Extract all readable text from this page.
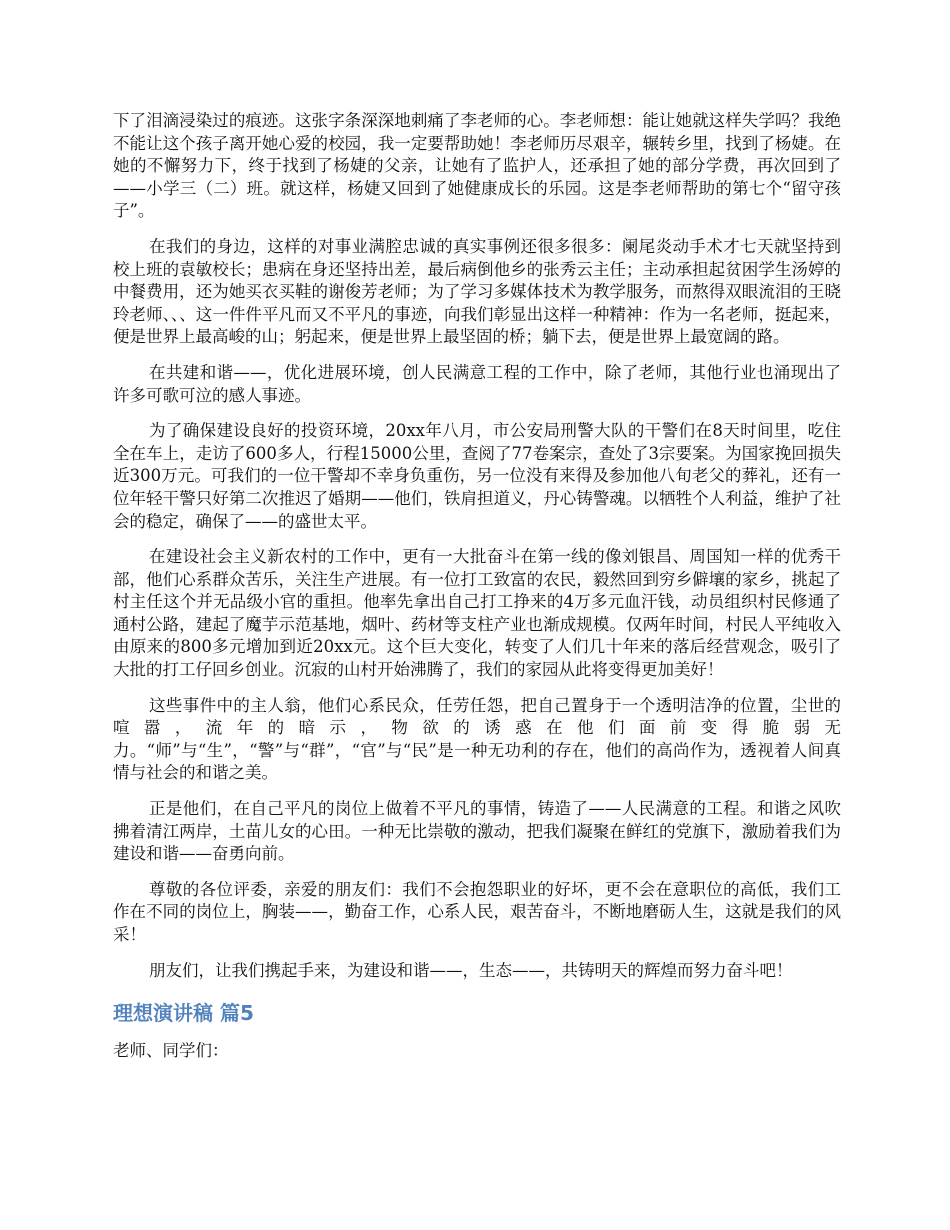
下了泪滴浸染过的痕迹。这张字条深深地刺痛了李老师的心。李老师想：能让她就这样失学吗？我绝不能让这个孩子离开她心爱的校园，我一定要帮助她！李老师历尽艰辛，辗转乡里，找到了杨婕。在她的不懈努力下，终于找到了杨婕的父亲，让她有了监护人，还承担了她的部分学费，再次回到了——小学三（二）班。就这样，杨婕又回到了她健康成长的乐园。这是李老师帮助的第七个“留守孩子”。

在我们的身边，这样的对事业满腔忠诚的真实事例还很多很多：阑尾炎动手术才七天就坚持到校上班的袁敏校长；患病在身还坚持出差，最后病倒他乡的张秀云主任；主动承担起贫困学生汤婷的中餐费用，还为她买衣买鞋的谢俊芳老师；为了学习多媒体技术为教学服务，而熬得双眼流泪的王晓玲老师、、、这一件件平凡而又不平凡的事迹，向我们彰显出这样一种精神：作为一名老师，挺起来，便是世界上最高峻的山；躬起来，便是世界上最坚固的桥；躺下去，便是世界上最宽阔的路。

在共建和谐——，优化进展环境，创人民满意工程的工作中，除了老师，其他行业也涌现出了许多可歌可泣的感人事迹。

为了确保建设良好的投资环境，20xx年八月，市公安局刑警大队的干警们在8天时间里，吃住全在车上，走访了600多人，行程15000公里，查阅了77卷案宗，查处了3宗要案。为国家挽回损失近300万元。可我们的一位干警却不幸身负重伤，另一位没有来得及参加他八旬老父的葬礼，还有一位年轻干警只好第二次推迟了婚期——他们，铁肩担道义，丹心铸警魂。以牺牲个人利益，维护了社会的稳定，确保了——的盛世太平。

在建设社会主义新农村的工作中，更有一大批奋斗在第一线的像刘银昌、周国知一样的优秀干部，他们心系群众苦乐，关注生产进展。有一位打工致富的农民，毅然回到穷乡僻壤的家乡，挑起了村主任这个并无品级小官的重担。他率先拿出自己打工挣来的4万多元血汗钱，动员组织村民修通了通村公路，建起了魔芋示范基地，烟叶、药材等支柱产业也渐成规模。仅两年时间，村民人平纯收入由原来的800多元增加到近20xx元。这个巨大变化，转变了人们几十年来的落后经营观念，吸引了大批的打工仔回乡创业。沉寂的山村开始沸腾了，我们的家园从此将变得更加美好！

这些事件中的主人翁，他们心系民众，任劳任怨，把自己置身于一个透明洁净的位置，尘世的喧嚣，流年的暗示，物欲的诱惑在他们面前变得脆弱无力。“师”与“生”，“警”与“群”，“官”与“民”是一种无功利的存在，他们的高尚作为，透视着人间真情与社会的和谐之美。

正是他们，在自己平凡的岗位上做着不平凡的事情，铸造了——人民满意的工程。和谐之风吹拂着清江两岸，土苗儿女的心田。一种无比崇敬的激动，把我们凝聚在鲜红的党旗下，激励着我们为建设和谐——奋勇向前。

尊敬的各位评委，亲爱的朋友们：我们不会抱怨职业的好坏，更不会在意职位的高低，我们工作在不同的岗位上，胸装——，勤奋工作，心系人民，艰苦奋斗，不断地磨砺人生，这就是我们的风采！

朋友们，让我们携起手来，为建设和谐——，生态——，共铸明天的辉煌而努力奋斗吧！

理想演讲稿 篇5

老师、同学们：
